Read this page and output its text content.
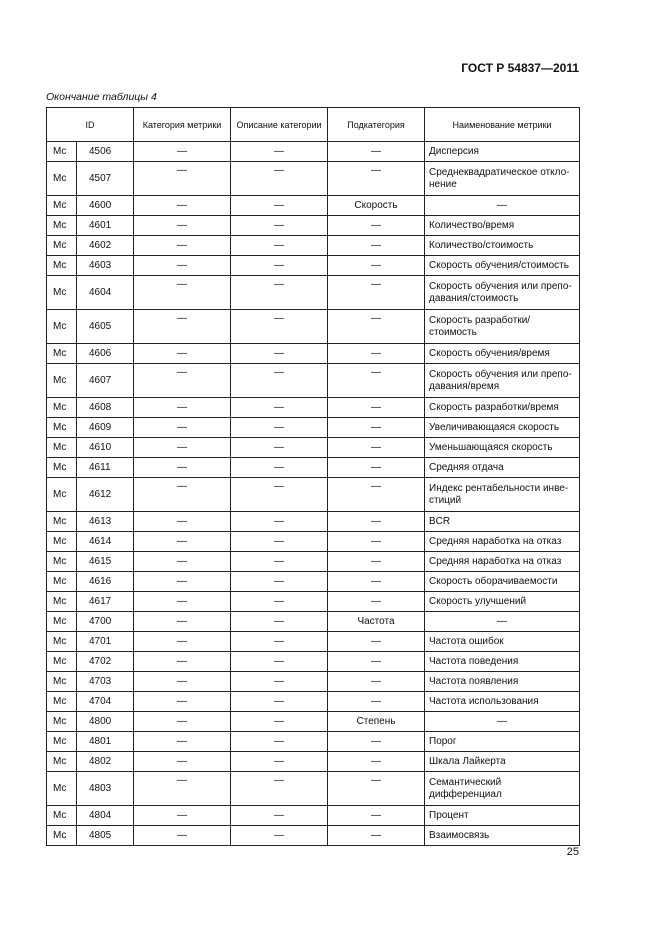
ГОСТ Р 54837—2011
Окончание таблицы 4
ID		Категория метрики	Описание категории	Подкатегория	Наименование метрики
Mc	4506	—	—	—	Дисперсия
Mc	4507	—	—	—	Среднеквадратическое откло-нение
Mc	4600	—	—	Скорость	—
Mc	4601	—	—	—	Количество/время
Mc	4602	—	—	—	Количество/стоимость
Mc	4603	—	—	—	Скорость обучения/стоимость
Mc	4604	—	—	—	Скорость обучения или препо-давания/стоимость
Mc	4605	—	—	—	Скорость разработки/ стоимость
Mc	4606	—	—	—	Скорость обучения/время
Mc	4607	—	—	—	Скорость обучения или препо-давания/время
Mc	4608	—	—	—	Скорость разработки/время
Mc	4609	—	—	—	Увеличивающаяся скорость
Mc	4610	—	—	—	Уменьшающаяся скорость
Mc	4611	—	—	—	Средняя отдача
Mc	4612	—	—	—	Индекс рентабельности инве-стиций
Mc	4613	—	—	—	BCR
Mc	4614	—	—	—	Средняя наработка на отказ
Mc	4615	—	—	—	Средняя наработка на отказ
Mc	4616	—	—	—	Скорость оборачиваемости
Mc	4617	—	—	—	Скорость улучшений
Mc	4700	—	—	Частота	—
Mc	4701	—	—	—	Частота ошибок
Mc	4702	—	—	—	Частота поведения
Mc	4703	—	—	—	Частота появления
Mc	4704	—	—	—	Частота использования
Mc	4800	—	—	Степень	—
Mc	4801	—	—	—	Порог
Mc	4802	—	—	—	Шкала Лайкерта
Mc	4803	—	—	—	Семантический дифференциал
Mc	4804	—	—	—	Процент
Mc	4805	—	—	—	Взаимосвязь
25
